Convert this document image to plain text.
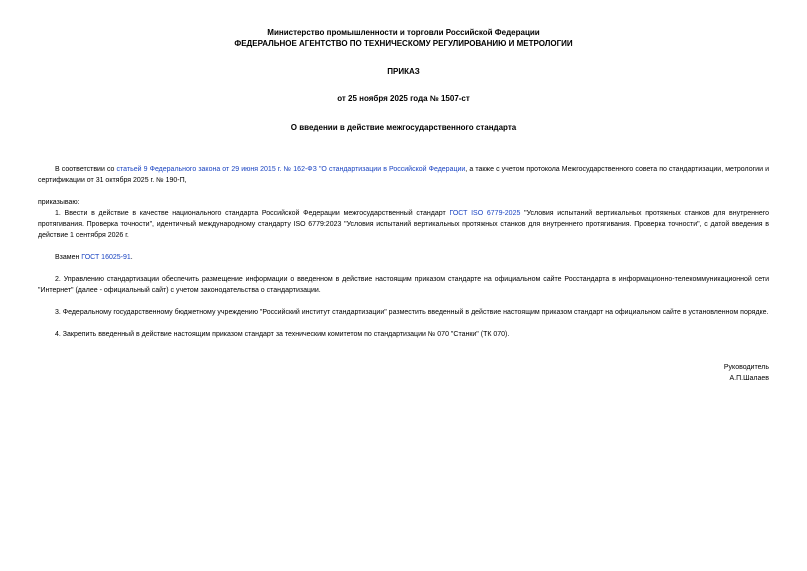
Министерство промышленности и торговли Российской Федерации
ФЕДЕРАЛЬНОЕ АГЕНТСТВО ПО ТЕХНИЧЕСКОМУ РЕГУЛИРОВАНИЮ И МЕТРОЛОГИИ
ПРИКАЗ
от 25 ноября 2025 года № 1507-ст
О введении в действие межгосударственного стандарта

В соответствии со статьей 9 Федерального закона от 29 июня 2015 г. № 162-ФЗ "О стандартизации в Российской Федерации, а также с учетом протокола Межгосударственного совета по стандартизации, метрологии и сертификации от 31 октября 2025 г. № 190-П,

приказываю:

1. Ввести в действие в качестве национального стандарта Российской Федерации межгосударственный стандарт ГОСТ ISO 6779-2025 "Условия испытаний вертикальных протяжных станков для внутреннего протягивания. Проверка точности", идентичный международному стандарту ISO 6779:2023 "Условия испытаний вертикальных протяжных станков для внутреннего протягивания. Проверка точности", с датой введения в действие 1 сентября 2026 г.

Взамен ГОСТ 16025-91.

2. Управлению стандартизации обеспечить размещение информации о введенном в действие настоящим приказом стандарте на официальном сайте Росстандарта в информационно-телекоммуникационной сети "Интернет" (далее - официальный сайт) с учетом законодательства о стандартизации.

3. Федеральному государственному бюджетному учреждению "Российский институт стандартизации" разместить введенный в действие настоящим приказом стандарт на официальном сайте в установленном порядке.

4. Закрепить введенный в действие настоящим приказом стандарт за техническим комитетом по стандартизации № 070 "Станки" (ТК 070).

Руководитель
А.П.Шалаев
